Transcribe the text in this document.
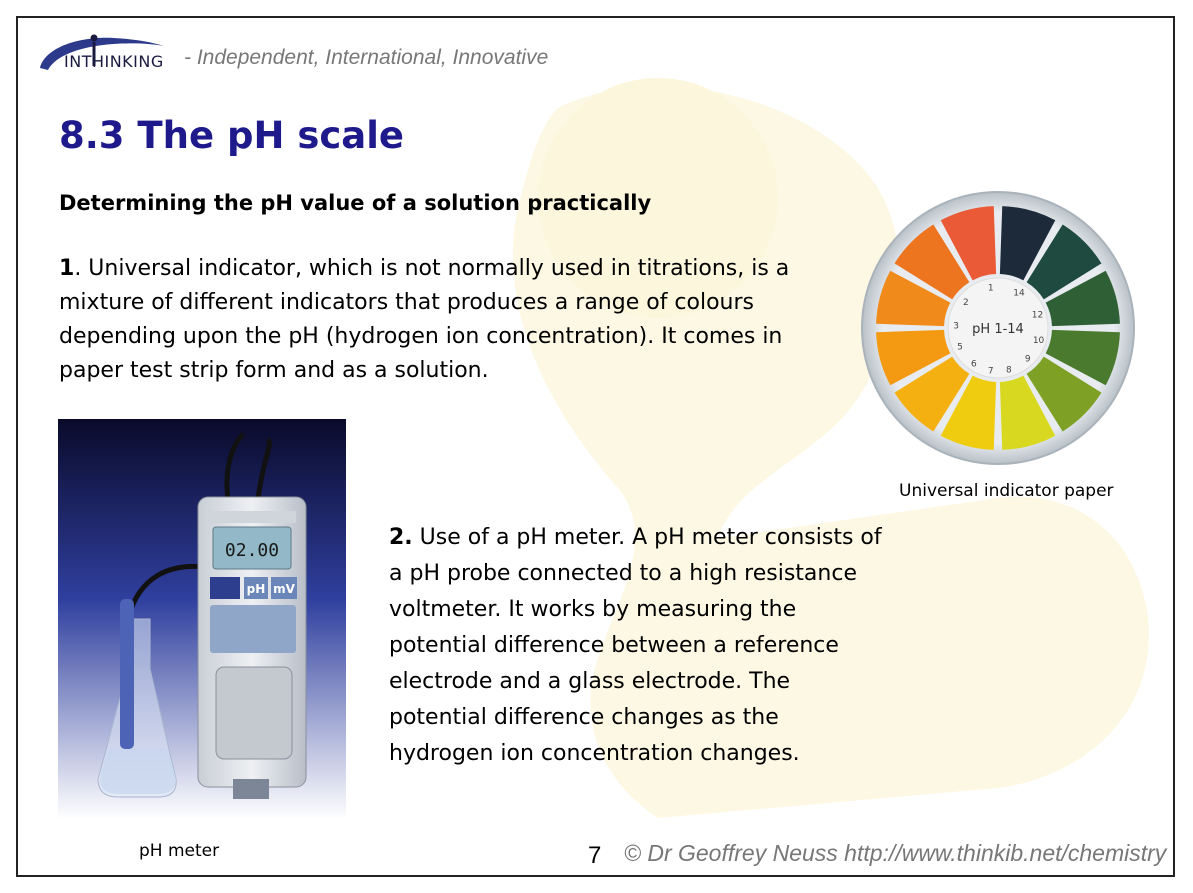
INTHINKING - Independent, International, Innovative
8.3 The pH scale
Determining the pH value of a solution practically
1. Universal indicator, which is not normally used in titrations, is a mixture of different indicators that produces a range of colours depending upon the pH (hydrogen ion concentration). It comes in paper test strip form and as a solution.
pH 1-14
1
2
3
5
6
7 8
9
10
12
14
Universal indicator paper
02.00
pH mV
pH meter
2. Use of a pH meter. A pH meter consists of a pH probe connected to a high resistance voltmeter. It works by measuring the potential difference between a reference electrode and a glass electrode. The potential difference changes as the hydrogen ion concentration changes.
7 © Dr Geoffrey Neuss http://www.thinkib.net/chemistry
